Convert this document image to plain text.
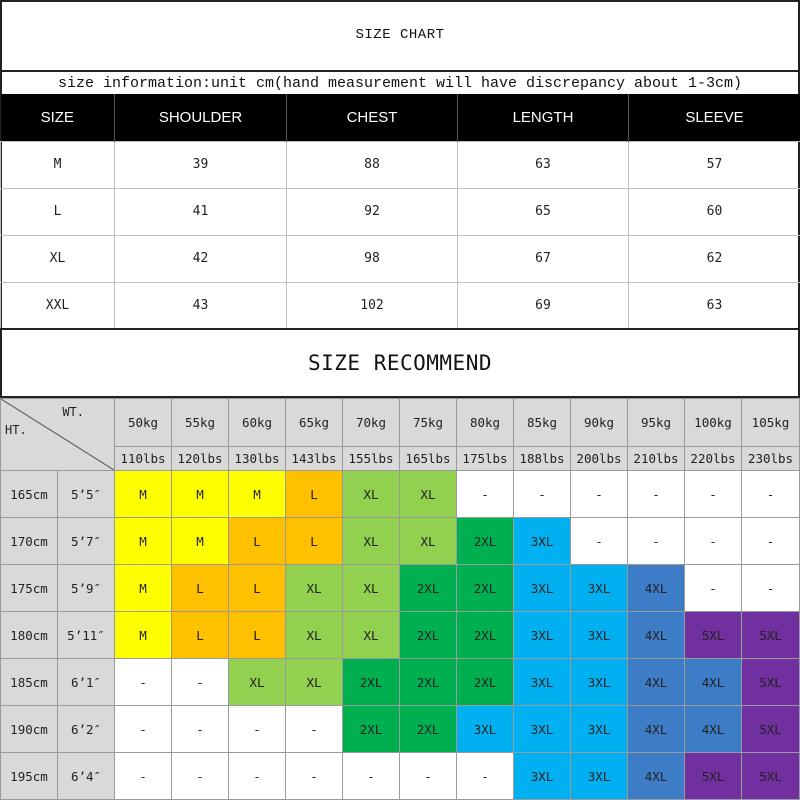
SIZE CHART
size information:unit cm(hand measurement will have discrepancy about 1-3cm)
SIZE	SHOULDER	CHEST	LENGTH	SLEEVE
M	39	88	63	57
L	41	92	65	60
XL	42	98	67	62
XXL	43	102	69	63
SIZE RECOMMEND
WT.
HT.		50kg	55kg	60kg	65kg	70kg	75kg	80kg	85kg	90kg	95kg	100kg	105kg
		110lbs	120lbs	130lbs	143lbs	155lbs	165lbs	175lbs	188lbs	200lbs	210lbs	220lbs	230lbs
165cm	5’5″	M	M	M	L	XL	XL	-	-	-	-	-	-
170cm	5’7″	M	M	L	L	XL	XL	2XL	3XL	-	-	-	-
175cm	5’9″	M	L	L	XL	XL	2XL	2XL	3XL	3XL	4XL	-	-
180cm	5’11″	M	L	L	XL	XL	2XL	2XL	3XL	3XL	4XL	5XL	5XL
185cm	6’1″	-	-	XL	XL	2XL	2XL	2XL	3XL	3XL	4XL	4XL	5XL
190cm	6’2″	-	-	-	-	2XL	2XL	3XL	3XL	3XL	4XL	4XL	5XL
195cm	6’4″	-	-	-	-	-	-	-	3XL	3XL	4XL	5XL	5XL
